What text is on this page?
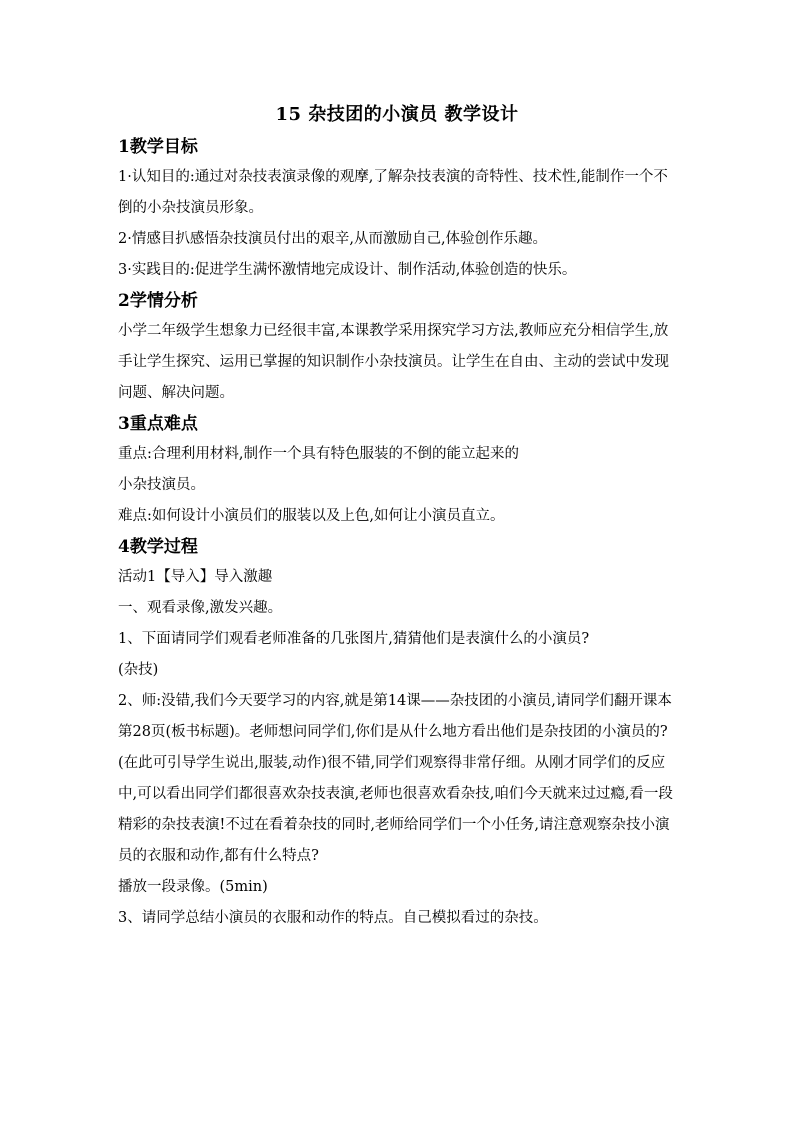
15 杂技团的小演员 教学设计
1教学目标

1·认知目的:通过对杂技表演录像的观摩,了解杂技表演的奇特性、技术性,能制作一个不倒的小杂技演员形象。

2·情感目扒感悟杂技演员付出的艰辛,从而激励自己,体验创作乐趣。

3·实践目的:促进学生满怀激情地完成设计、制作活动,体验创造的快乐。

2学情分析

小学二年级学生想象力已经很丰富,本课教学采用探究学习方法,教师应充分相信学生,放手让学生探究、运用已掌握的知识制作小杂技演员。让学生在自由、主动的尝试中发现问题、解决问题。

3重点难点

重点:合理利用材料,制作一个具有特色服装的不倒的能立起来的

小杂技演员。

难点:如何设计小演员们的服装以及上色,如何让小演员直立。

4教学过程

活动1【导入】导入激趣

一、观看录像,激发兴趣。

1、下面请同学们观看老师准备的几张图片,猜猜他们是表演什么的小演员?

(杂技)

2、师:没错,我们今天要学习的内容,就是第14课——杂技团的小演员,请同学们翻开课本第28页(板书标题)。老师想问同学们,你们是从什么地方看出他们是杂技团的小演员的?(在此可引导学生说出,服装,动作)很不错,同学们观察得非常仔细。从刚才同学们的反应中,可以看出同学们都很喜欢杂技表演,老师也很喜欢看杂技,咱们今天就来过过瘾,看一段精彩的杂技表演!不过在看着杂技的同时,老师给同学们一个小任务,请注意观察杂技小演员的衣服和动作,都有什么特点?

播放一段录像。(5min)

3、请同学总结小演员的衣服和动作的特点。自己模拟看过的杂技。
